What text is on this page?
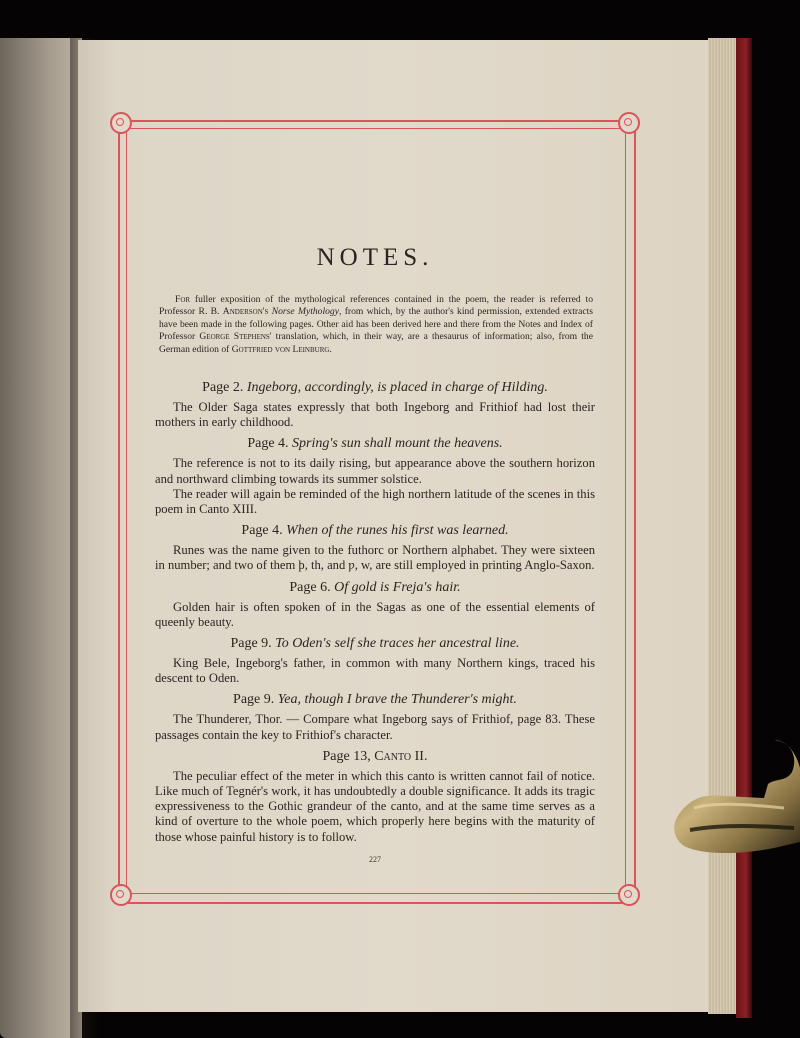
NOTES.

For fuller exposition of the mythological references contained in the poem, the reader is referred to Professor R. B. Anderson's Norse Mythology, from which, by the author's kind permission, extended extracts have been made in the following pages. Other aid has been derived here and there from the Notes and Index of Professor George Stephens' translation, which, in their way, are a thesaurus of information; also, from the German edition of Gottfried von Leinburg.

Page 2. Ingeborg, accordingly, is placed in charge of Hilding.

The Older Saga states expressly that both Ingeborg and Frithiof had lost their mothers in early childhood.

Page 4. Spring's sun shall mount the heavens.

The reference is not to its daily rising, but appearance above the southern horizon and northward climbing towards its summer solstice.

The reader will again be reminded of the high northern latitude of the scenes in this poem in Canto XIII.

Page 4. When of the runes his first was learned.

Runes was the name given to the futhorc or Northern alphabet. They were sixteen in number; and two of them þ, th, and ƿ, w, are still employed in printing Anglo-Saxon.

Page 6. Of gold is Freja's hair.

Golden hair is often spoken of in the Sagas as one of the essential elements of queenly beauty.

Page 9. To Oden's self she traces her ancestral line.

King Bele, Ingeborg's father, in common with many Northern kings, traced his descent to Oden.

Page 9. Yea, though I brave the Thunderer's might.

The Thunderer, Thor. — Compare what Ingeborg says of Frithiof, page 83. These passages contain the key to Frithiof's character.

Page 13, Canto II.

The peculiar effect of the meter in which this canto is written cannot fail of notice. Like much of Tegnér's work, it has undoubtedly a double significance. It adds its tragic expressiveness to the Gothic grandeur of the canto, and at the same time serves as a kind of overture to the whole poem, which properly here begins with the maturity of those whose painful history is to follow.

227
